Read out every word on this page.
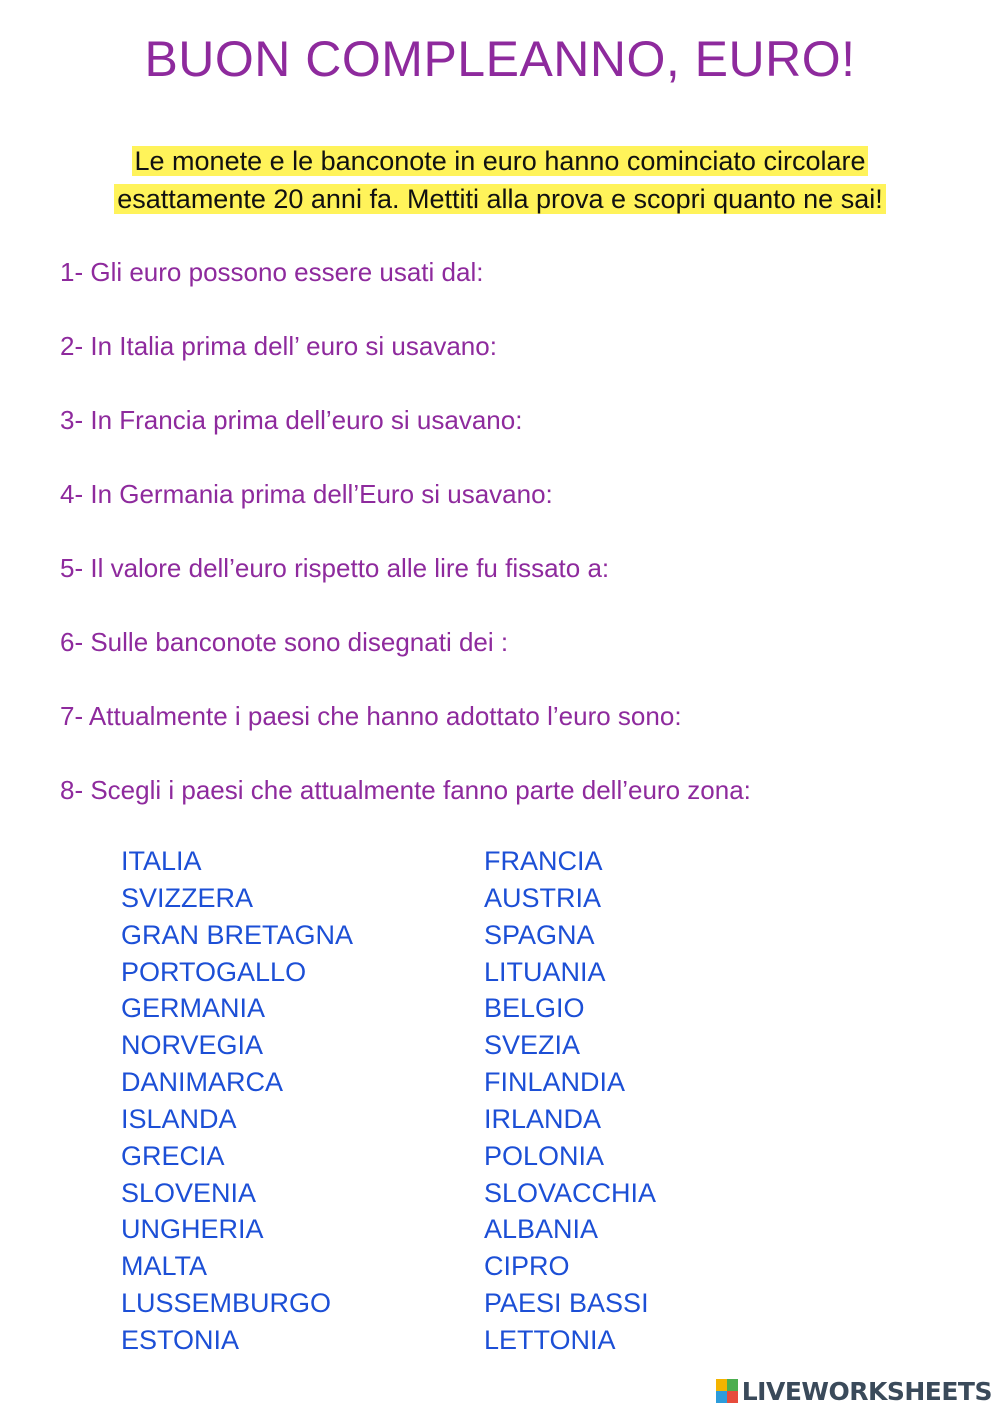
BUON COMPLEANNO, EURO!
Le monete e le banconote in euro hanno cominciato circolare
esattamente 20 anni fa. Mettiti alla prova e scopri quanto ne sai!
1- Gli euro possono essere usati dal:
2- In Italia prima dell’ euro si usavano:
3- In Francia prima dell’euro si usavano:
4- In Germania prima dell’Euro si usavano:
5- Il valore dell’euro rispetto alle lire fu fissato a:
6- Sulle banconote sono disegnati dei :
7- Attualmente i paesi che hanno adottato l’euro sono:
8- Scegli i paesi che attualmente fanno parte dell’euro zona:
ITALIA
SVIZZERA
GRAN BRETAGNA
PORTOGALLO
GERMANIA
NORVEGIA
DANIMARCA
ISLANDA
GRECIA
SLOVENIA
UNGHERIA
MALTA
LUSSEMBURGO
ESTONIA
FRANCIA
AUSTRIA
SPAGNA
LITUANIA
BELGIO
SVEZIA
FINLANDIA
IRLANDA
POLONIA
SLOVACCHIA
ALBANIA
CIPRO
PAESI BASSI
LETTONIA
LIVEWORKSHEETS
